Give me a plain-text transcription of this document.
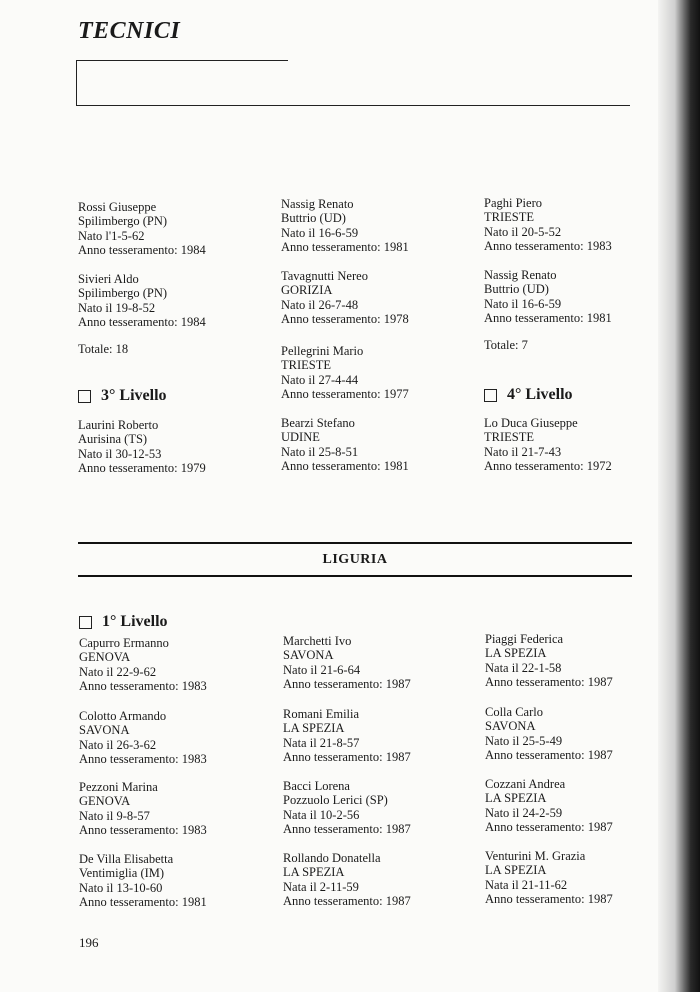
TECNICI
Rossi Giuseppe
Spilimbergo (PN)
Nato l'1-5-62
Anno tesseramento: 1984
Sivieri Aldo
Spilimbergo (PN)
Nato il 19-8-52
Anno tesseramento: 1984
Totale: 18
3° Livello
Laurini Roberto
Aurisina (TS)
Nato il 30-12-53
Anno tesseramento: 1979
Nassig Renato
Buttrio (UD)
Nato il 16-6-59
Anno tesseramento: 1981
Tavagnutti Nereo
GORIZIA
Nato il 26-7-48
Anno tesseramento: 1978
Pellegrini Mario
TRIESTE
Nato il 27-4-44
Anno tesseramento: 1977
Bearzi Stefano
UDINE
Nato il 25-8-51
Anno tesseramento: 1981
Paghi Piero
TRIESTE
Nato il 20-5-52
Anno tesseramento: 1983
Nassig Renato
Buttrio (UD)
Nato il 16-6-59
Anno tesseramento: 1981
Totale: 7
4° Livello
Lo Duca Giuseppe
TRIESTE
Nato il 21-7-43
Anno tesseramento: 1972
LIGURIA
1° Livello
Capurro Ermanno
GENOVA
Nato il 22-9-62
Anno tesseramento: 1983
Colotto Armando
SAVONA
Nato il 26-3-62
Anno tesseramento: 1983
Pezzoni Marina
GENOVA
Nato il 9-8-57
Anno tesseramento: 1983
De Villa Elisabetta
Ventimiglia (IM)
Nato il 13-10-60
Anno tesseramento: 1981
Marchetti Ivo
SAVONA
Nato il 21-6-64
Anno tesseramento: 1987
Romani Emilia
LA SPEZIA
Nata il 21-8-57
Anno tesseramento: 1987
Bacci Lorena
Pozzuolo Lerici (SP)
Nata il 10-2-56
Anno tesseramento: 1987
Rollando Donatella
LA SPEZIA
Nata il 2-11-59
Anno tesseramento: 1987
Piaggi Federica
LA SPEZIA
Nata il 22-1-58
Anno tesseramento: 1987
Colla Carlo
SAVONA
Nato il 25-5-49
Anno tesseramento: 1987
Cozzani Andrea
LA SPEZIA
Nato il 24-2-59
Anno tesseramento: 1987
Venturini M. Grazia
LA SPEZIA
Nata il 21-11-62
Anno tesseramento: 1987
196
